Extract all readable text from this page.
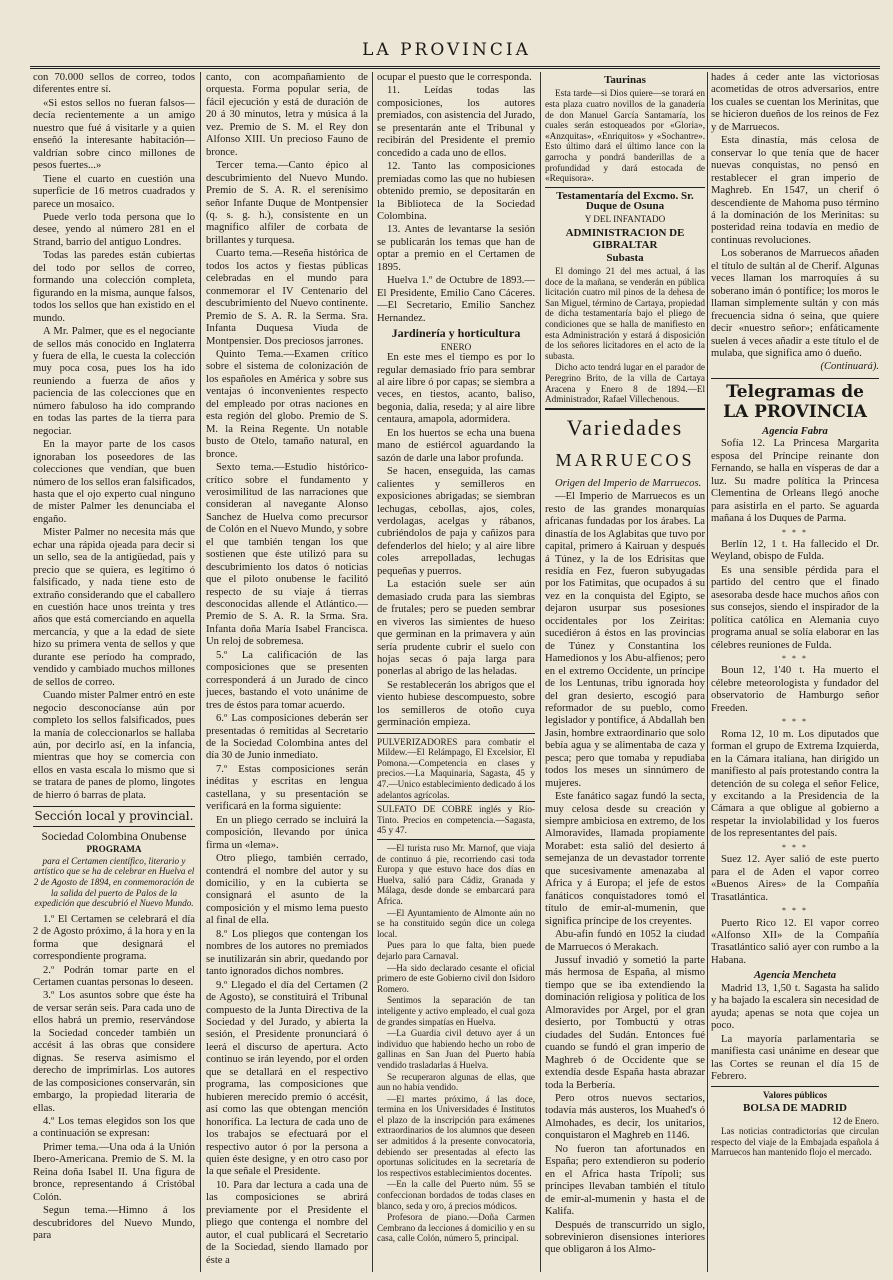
LA PROVINCIA

con 70.000 sellos de correo, todos diferentes entre sí.

«Si estos sellos no fueran falsos—decía recientemente a un amigo nuestro que fué á visitarle y a quien enseñó la interesante habitación—valdrían sobre cinco millones de pesos fuertes...»

Tiene el cuarto en cuestión una superficie de 16 metros cuadrados y parece un mosaico.

Puede verlo toda persona que lo desee, yendo al número 281 en el Strand, barrio del antiguo Londres.

Todas las paredes están cubiertas del todo por sellos de correo, formando una colección completa, figurando en la misma, aunque falsos, todos los sellos que han existido en el mundo.

A Mr. Palmer, que es el negociante de sellos más conocido en Inglaterra y fuera de ella, le cuesta la colección muy poca cosa, pues los ha ido reuniendo a fuerza de años y paciencia de las colecciones que en número fabuloso ha ido comprando en todas las partes de la tierra para negociar.

En la mayor parte de los casos ignoraban los poseedores de las colecciones que vendían, que buen número de los sellos eran falsificados, hasta que el ojo experto cual ninguno de mister Palmer les denunciaba el engaño.

Mister Palmer no necesita más que echar una rápida ojeada para decir si un sello, sea de la antigüedad, país y precio que se quiera, es legítimo ó falsificado, y nada tiene esto de extraño considerando que el caballero en cuestión hace unos treinta y tres años que está comerciando en aquella mercancía, y que a la edad de siete hizo su primera venta de sellos y que durante ese período ha comprado, vendido y cambiado muchos millones de sellos de correo.

Cuando mister Palmer entró en este negocio desconocíanse aún por completo los sellos falsificados, pues la manía de coleccionarlos se hallaba aún, por decirlo así, en la infancia, mientras que hoy se comercia con ellos en vasta escala lo mismo que si se tratara de panes de plomo, lingotes de hierro ó barras de plata.

Sección local y provincial.

Sociedad Colombina Onubense

PROGRAMA

para el Certamen científico, literario y artístico que se ha de celebrar en Huelva el 2 de Agosto de 1894, en conmemoración de la salida del puerto de Palos de la expedición que descubrió el Nuevo Mundo.

1.º El Certamen se celebrará el día 2 de Agosto próximo, á la hora y en la forma que designará el correspondiente programa.

2.º Podrán tomar parte en el Certamen cuantas personas lo deseen.

3.º Los asuntos sobre que éste ha de versar serán seis. Para cada uno de ellos habrá un premio, reservándose la Sociedad conceder también un accésit á las obras que considere dignas. Se reserva asimismo el derecho de imprimirlas. Los autores de las composiciones conservarán, sin embargo, la propiedad literaria de ellas.

4.º Los temas elegidos son los que a continuación se expresan:

Primer tema.—Una oda á la Unión Ibero-Americana. Premio de S. M. la Reina doña Isabel II. Una figura de bronce, representando á Cristóbal Colón.

Segun tema.—Himno á los descubridores del Nuevo Mundo, para

canto, con acompañamiento de orquesta. Forma popular seria, de fácil ejecución y está de duración de 20 á 30 minutos, letra y música á la vez. Premio de S. M. el Rey don Alfonso XIII. Un precioso Fauno de bronce.

Tercer tema.—Canto épico al descubrimiento del Nuevo Mundo. Premio de S. A. R. el serenísimo señor Infante Duque de Montpensier (q. s. g. h.), consistente en un magnífico alfiler de corbata de brillantes y turquesa.

Cuarto tema.—Reseña histórica de todos los actos y fiestas públicas celebradas en el mundo para conmemorar el IV Centenario del descubrimiento del Nuevo continente. Premio de S. A. R. la Serma. Sra. Infanta Duquesa Viuda de Montpensier. Dos preciosos jarrones.

Quinto Tema.—Examen crítico sobre el sistema de colonización de los españoles en América y sobre sus ventajas ó inconvenientes respecto del empleado por otras naciones en esta región del globo. Premio de S. M. la Reina Regente. Un notable busto de Otelo, tamaño natural, en bronce.

Sexto tema.—Estudio histórico-crítico sobre el fundamento y verosimilitud de las narraciones que consideran al navegante Alonso Sanchez de Huelva como precursor de Colón en el Nuevo Mundo, y sobre el que también tengan los que sostienen que éste utilizó para su descubrimiento los datos ó noticias que el piloto onubense le facilitó respecto de su viaje á tierras desconocidas allende el Atlántico.—Premio de S. A. R. la Srma. Sra. Infanta doña María Isabel Francisca. Un reloj de sobremesa.

5.º La calificación de las composiciones que se presenten corresponderá á un Jurado de cinco jueces, bastando el voto unánime de tres de éstos para tomar acuerdo.

6.º Las composiciones deberán ser presentadas ó remitidas al Secretario de la Sociedad Colombina antes del día 30 de Junio inmediato.

7.º Estas composiciones serán inéditas y escritas en lengua castellana, y su presentación se verificará en la forma siguiente:

En un pliego cerrado se incluirá la composición, llevando por única firma un «lema».

Otro pliego, también cerrado, contendrá el nombre del autor y su domicilio, y en la cubierta se consignará el asunto de la composición y el mismo lema puesto al final de ella.

8.º Los pliegos que contengan los nombres de los autores no premiados se inutilizarán sin abrir, quedando por tanto ignorados dichos nombres.

9.º Llegado el día del Certamen (2 de Agosto), se constituirá el Tribunal compuesto de la Junta Directiva de la Sociedad y del Jurado, y abierta la sesión, el Presidente pronunciará ó leerá el discurso de apertura. Acto continuo se irán leyendo, por el orden que se detallará en el respectivo programa, las composiciones que hubieren merecido premio ó accésit, así como las que obtengan mención honorífica. La lectura de cada uno de los trabajos se efectuará por el respectivo autor ó por la persona a quien éste designe, y en otro caso por la que señale el Presidente.

10. Para dar lectura a cada una de las composiciones se abrirá previamente por el Presidente el pliego que contenga el nombre del autor, el cual publicará el Secretario de la Sociedad, siendo llamado por éste a

ocupar el puesto que le corresponda.

11. Leídas todas las composiciones, los autores premiados, con asistencia del Jurado, se presentarán ante el Tribunal y recibirán del Presidente el premio concedido a cada uno de ellos.

12. Tanto las composiciones premiadas como las que no hubiesen obtenido premio, se depositarán en la Biblioteca de la Sociedad Colombina.

13. Antes de levantarse la sesión se publicarán los temas que han de optar a premio en el Certamen de 1895.

Huelva 1.º de Octubre de 1893.—El Presidente, Emilio Cano Cáceres.—El Secretario, Emilio Sanchez Hernandez.

Jardinería y horticultura
ENERO

En este mes el tiempo es por lo regular demasiado frío para sembrar al aire libre ó por capas; se siembra a veces, en tiestos, acanto, baliso, begonia, dalia, reseda; y al aire libre centaura, amapola, adormidera.

En los huertos se echa una buena mano de estiércol aguardando la sazón de darle una labor profunda.

Se hacen, enseguida, las camas calientes y semilleros en exposiciones abrigadas; se siembran lechugas, cebollas, ajos, coles, verdolagas, acelgas y rábanos, cubriéndolos de paja y cañizos para defenderlos del hielo; y al aire libre coles arrepolladas, lechugas pequeñas y puerros.

La estación suele ser aún demasiado cruda para las siembras de frutales; pero se pueden sembrar en viveros las simientes de hueso que germinan en la primavera y aún sería prudente cubrir el suelo con hojas secas ó paja larga para ponerlas al abrigo de las heladas.

Se restablecerán los abrigos que el viento hubiese descompuesto, sobre los semilleros de otoño cuya germinación empieza.

PULVERIZADORES para combatir el Mildew.—El Relámpago, El Excelsior, El Pomona.—Competencia en clases y precios.—La Maquinaria, Sagasta, 45 y 47.—Unico establecimiento dedicado á los adelantos agrícolas.

SULFATO DE COBRE inglés y Río-Tinto. Precios en competencia.—Sagasta, 45 y 47.

—El turista ruso Mr. Marnof, que viaja de continuo á pie, recorriendo casi toda Europa y que estuvo hace dos días en Huelva, salió para Cádiz, Granada y Málaga, desde donde se embarcará para Africa.

—El Ayuntamiento de Almonte aún no se ha constituido según dice un colega local.

Pues para lo que falta, bien puede dejarlo para Carnaval.

—Ha sido declarado cesante el oficial primero de este Gobierno civil don Isidoro Romero.

Sentimos la separación de tan inteligente y activo empleado, el cual goza de grandes simpatías en Huelva.

—La Guardia civil detuvo ayer á un individuo que habiendo hecho un robo de gallinas en San Juan del Puerto había vendido trasladarlas á Huelva.

Se recuperaron algunas de ellas, que aun no había vendido.

—El martes próximo, á las doce, termina en los Universidades é Institutos el plazo de la inscripción para exámenes extraordinarios de los alumnos que deseen ser admitidos á la presente convocatoria, debiendo ser presentadas al efecto las oportunas solicitudes en la secretaría de los respectivos establecimientos docentes.

—En la calle del Puerto núm. 55 se confeccionan bordados de todas clases en blanco, seda y oro, á precios módicos.

Profesora de piano.—Doña Carmen Cembrano da lecciones á domicilio y en su casa, calle Colón, número 5, principal.

Taurinas

Esta tarde—si Dios quiere—se torará en esta plaza cuatro novillos de la ganadería de don Manuel García Santamaría, los cuales serán estoqueados por «Gloria», «Anzquitas», «Enriquitos» y «Sochantre». Esto último dará el último lance con la garrocha y pondrá banderillas de a profundidad y dará estocada de «Requisora».

Testamentaría del Excmo. Sr. Duque de Osuna
Y DEL INFANTADO
ADMINISTRACION DE GIBRALTAR
Subasta

El domingo 21 del mes actual, á las doce de la mañana, se venderán en pública licitación cuatro mil pinos de la dehesa de San Miguel, término de Cartaya, propiedad de dicha testamentaría bajo el pliego de condiciones que se halla de manifiesto en esta Administración y estará á disposición de los señores licitadores en el acto de la subasta.

Dicho acto tendrá lugar en el parador de Peregrino Brito, de la villa de Cartaya Aracena y Enero 8 de 1894.—El Administrador, Rafael Villechenous.

Variedades
MARRUECOS

Origen del Imperio de Marruecos.

—El Imperio de Marruecos es un resto de las grandes monarquías africanas fundadas por los árabes. La dinastía de los Aglabitas que tuvo por capital, primero á Kairuan y después á Túnez, y la de los Edrisitas que residía en Fez, fueron subyugadas por los Fatimitas, que ocupados á su vez en la conquista del Egipto, se dejaron usurpar sus posesiones occidentales por los Zeiritas: sucediéron á éstos en las provincias de Túnez y Constantina los Hamedionos y los Abu-alfienos; pero en el extremo Occidente, un príncipe de los Lentunas, tribu ignorada hoy del gran desierto, escogió para reformador de su pueblo, como legislador y pontífice, á Abdallah ben Jasin, hombre extraordinario que solo bebía agua y se alimentaba de caza y pesca; pero que tomaba y repudiaba todos los meses un sinnúmero de mujeres.

Este fanático sagaz fundó la secta, muy celosa desde su creación y siempre ambiciosa en extremo, de los Almoravides, llamada propiamente Morabet: esta salió del desierto á semejanza de un devastador torrente que sucesivamente amenazaba al Africa y á Europa; el jefe de estos fanáticos conquistadores tomó el título de emir-al-mumenin, que significa príncipe de los creyentes.

Abu-afin fundó en 1052 la ciudad de Marruecos ó Merakach.

Jussuf invadió y sometió la parte más hermosa de España, al mismo tiempo que se iba extendiendo la dominación religiosa y política de los Almoravides por Argel, por el gran desierto, por Tombuctú y otras ciudades del Sudán. Entonces fué cuando se fundó el gran imperio de Maghreb ó de Occidente que se extendía desde España hasta abrazar toda la Berbería.

Pero otros nuevos sectarios, todavía más austeros, los Muahed's ó Almohades, es decir, los unitarios, conquistaron el Maghreb en 1146.

No fueron tan afortunados en España; pero extendieron su poderío en el Africa hasta Trípoli; sus príncipes llevaban también el título de emir-al-mumenin y hasta el de Kalifa.

Después de transcurrido un siglo, sobrevinieron disensiones interiores que obligaron á los Almo-

hades á ceder ante las victoriosas acometidas de otros adversarios, entre los cuales se cuentan los Merinitas, que se hicieron dueños de los reinos de Fez y de Marruecos.

Esta dinastía, más celosa de conservar lo que tenía que de hacer nuevas conquistas, no pensó en restablecer el gran imperio de Maghreb. En 1547, un cherif ó descendiente de Mahoma puso término á la dominación de los Merinitas: su posteridad reina todavía en medio de continuas revoluciones.

Los soberanos de Marruecos añaden el título de sultán al de Cherif. Algunas veces llaman los marroquíes á su soberano imán ó pontífice; los moros le llaman simplemente sultán y con más frecuencia sidna ó seina, que quiere decir «nuestro señor»; enfáticamente suelen á veces añadir a este título el de mulaba, que significa amo ó dueño.

(Continuará).

Telegramas de LA PROVINCIA
Agencia Fabra

Sofía 12. La Princesa Margarita esposa del Príncipe reinante don Fernando, se halla en vísperas de dar a luz. Su madre política la Princesa Clementina de Orleans llegó anoche para asistirla en el parto. Se aguarda mañana á los Duques de Parma.

* * *

Berlín 12, 1 t. Ha fallecido el Dr. Weyland, obispo de Fulda.

Es una sensible pérdida para el partido del centro que el finado asesoraba desde hace muchos años con sus consejos, siendo el inspirador de la política católica en Alemania cuyo programa anual se solía elaborar en las célebres reuniones de Fulda.

* * *

Boun 12, 1'40 t. Ha muerto el célebre meteorologista y fundador del observatorio de Hamburgo señor Freeden.

* * *

Roma 12, 10 m. Los diputados que forman el grupo de Extrema Izquierda, en la Cámara italiana, han dirigido un manifiesto al país protestando contra la detención de su colega el señor Felice, y excitando a la Presidencia de la Cámara a que obligue al gobierno a respetar la inviolabilidad y los fueros de los representantes del país.

* * *

Suez 12. Ayer salió de este puerto para el de Aden el vapor correo «Buenos Aires» de la Compañía Trasatlántica.

* * *

Puerto Rico 12. El vapor correo «Alfonso XII» de la Compañía Trasatlántico salió ayer con rumbo a la Habana.

Agencia Mencheta

Madrid 13, 1,50 t. Sagasta ha salido y ha bajado la escalera sin necesidad de ayuda; apenas se nota que cojea un poco.

La mayoría parlamentaria se manifiesta casi unánime en desear que las Cortes se reunan el día 15 de Febrero.

Valores públicos
BOLSA DE MADRID
12 de Enero.

Las noticias contradictorias que circulan respecto del viaje de la Embajada española á Marruecos han mantenido flojo el mercado.
